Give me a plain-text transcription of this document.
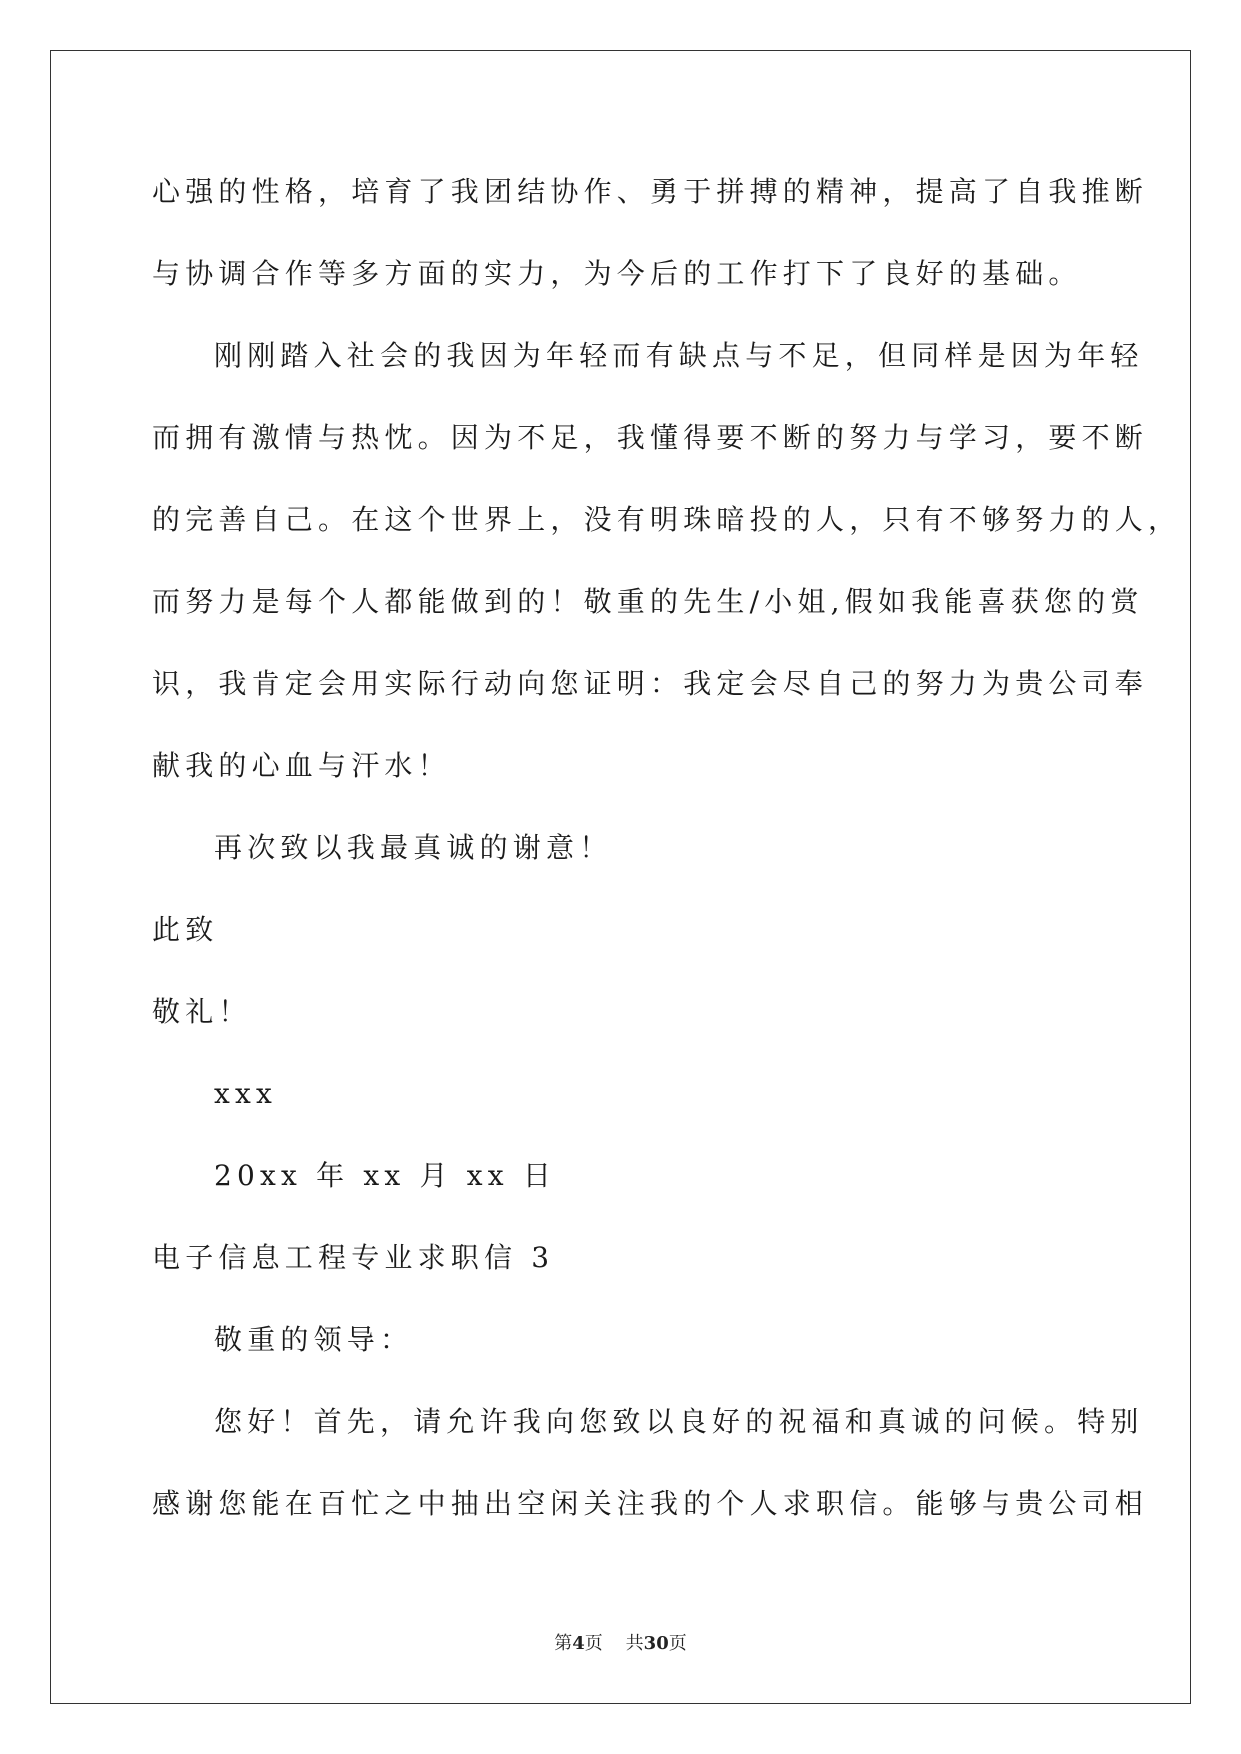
心强的性格，培育了我团结协作、勇于拼搏的精神，提高了自我推断
与协调合作等多方面的实力，为今后的工作打下了良好的基础。
刚刚踏入社会的我因为年轻而有缺点与不足，但同样是因为年轻
而拥有激情与热忱。因为不足，我懂得要不断的努力与学习，要不断
的完善自己。在这个世界上，没有明珠暗投的人，只有不够努力的人，
而努力是每个人都能做到的！敬重的先生/小姐,假如我能喜获您的赏
识，我肯定会用实际行动向您证明：我定会尽自己的努力为贵公司奉
献我的心血与汗水！
再次致以我最真诚的谢意！
此致
敬礼！
xxx
20xx 年 xx 月 xx 日
电子信息工程专业求职信 3
敬重的领导：
您好！首先，请允许我向您致以良好的祝福和真诚的问候。特别
感谢您能在百忙之中抽出空闲关注我的个人求职信。能够与贵公司相
第4页 共30页
